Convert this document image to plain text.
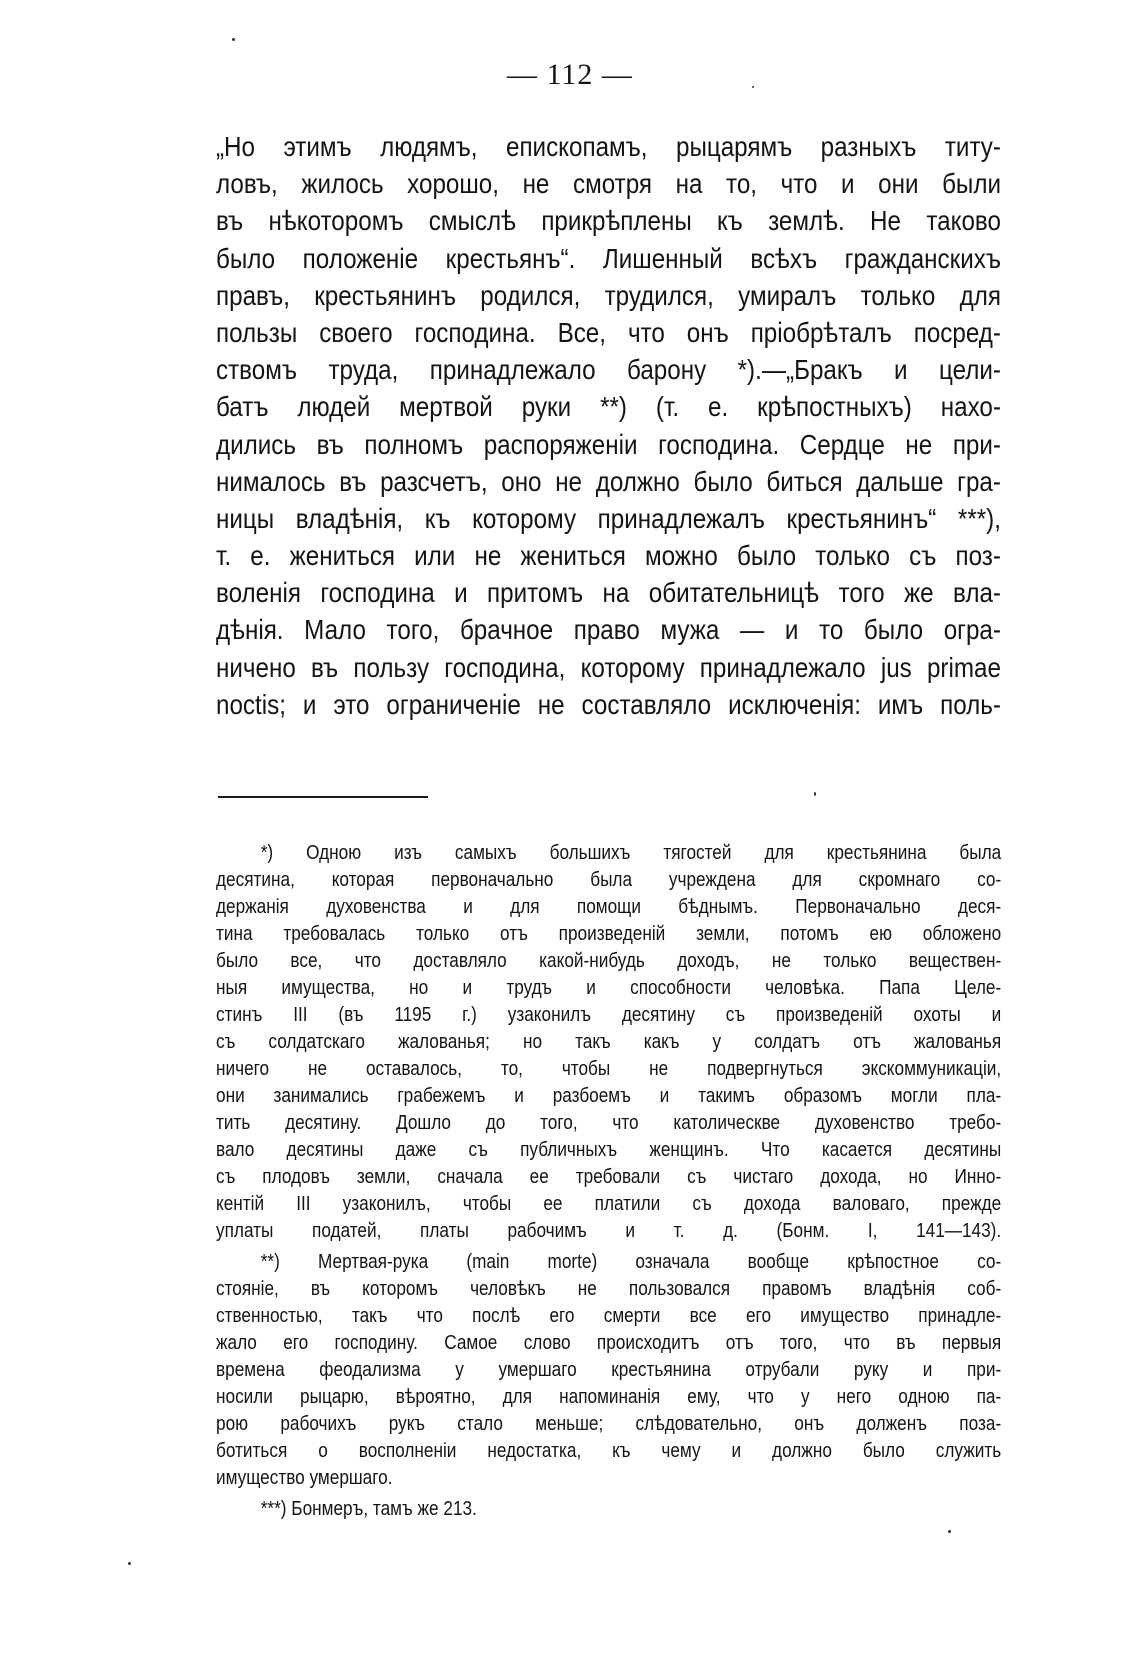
— 112 —
„Но этимъ людямъ, епископамъ, рыцарямъ разныхъ титу-
ловъ, жилось хорошо, не смотря на то, что и они были
въ нѣкоторомъ смыслѣ прикрѣплены къ землѣ. Не таково
было положеніе крестьянъ“. Лишенный всѣхъ гражданскихъ
правъ, крестьянинъ родился, трудился, умиралъ только для
пользы своего господина. Все, что онъ пріобрѣталъ посред-
ствомъ труда, принадлежало барону *).—„Бракъ и цели-
батъ людей мертвой руки **) (т. е. крѣпостныхъ) нахо-
дились въ полномъ распоряженіи господина. Сердце не при-
нималось въ разсчетъ, оно не должно было биться дальше гра-
ницы владѣнія, къ которому принадлежалъ крестьянинъ“ ***),
т. е. жениться или не жениться можно было только съ поз-
воленія господина и притомъ на обитательницѣ того же вла-
дѣнія. Мало того, брачное право мужа — и то было огра-
ничено въ пользу господина, которому принадлежало jus primae
noctis; и это ограниченіе не составляло исключенія: имъ поль-
*) Одною изъ самыхъ большихъ тягостей для крестьянина была
десятина, которая первоначально была учреждена для скромнаго со-
держанія духовенства и для помощи бѣднымъ. Первоначально деся-
тина требовалась только отъ произведеній земли, потомъ ею обложено
было все, что доставляло какой-нибудь доходъ, не только веществен-
ныя имущества, но и трудъ и способности человѣка. Папа Целе-
стинъ III (въ 1195 г.) узаконилъ десятину съ произведеній охоты и
съ солдатскаго жалованья; но такъ какъ у солдатъ отъ жалованья
ничего не оставалось, то, чтобы не подвергнуться экскоммуникаціи,
они занимались грабежемъ и разбоемъ и такимъ образомъ могли пла-
тить десятину. Дошло до того, что католическве духовенство требо-
вало десятины даже съ публичныхъ женщинъ. Что касается десятины
съ плодовъ земли, сначала ее требовали съ чистаго дохода, но Инно-
кентій III узаконилъ, чтобы ее платили съ дохода валоваго, прежде
уплаты податей, платы рабочимъ и т. д. (Бонм. I, 141—143).
**) Мертвая-рука (main morte) означала вообще крѣпостное со-
стояніе, въ которомъ человѣкъ не пользовался правомъ владѣнія соб-
ственностью, такъ что послѣ его смерти все его имущество принадле-
жало его господину. Самое слово происходитъ отъ того, что въ первыя
времена феодализма у умершаго крестьянина отрубали руку и при-
носили рыцарю, вѣроятно, для напоминанія ему, что у него одною па-
рою рабочихъ рукъ стало меньше; слѣдовательно, онъ долженъ поза-
ботиться о восполненіи недостатка, къ чему и должно было служить
имущество умершаго.
***) Бонмеръ, тамъ же 213.
